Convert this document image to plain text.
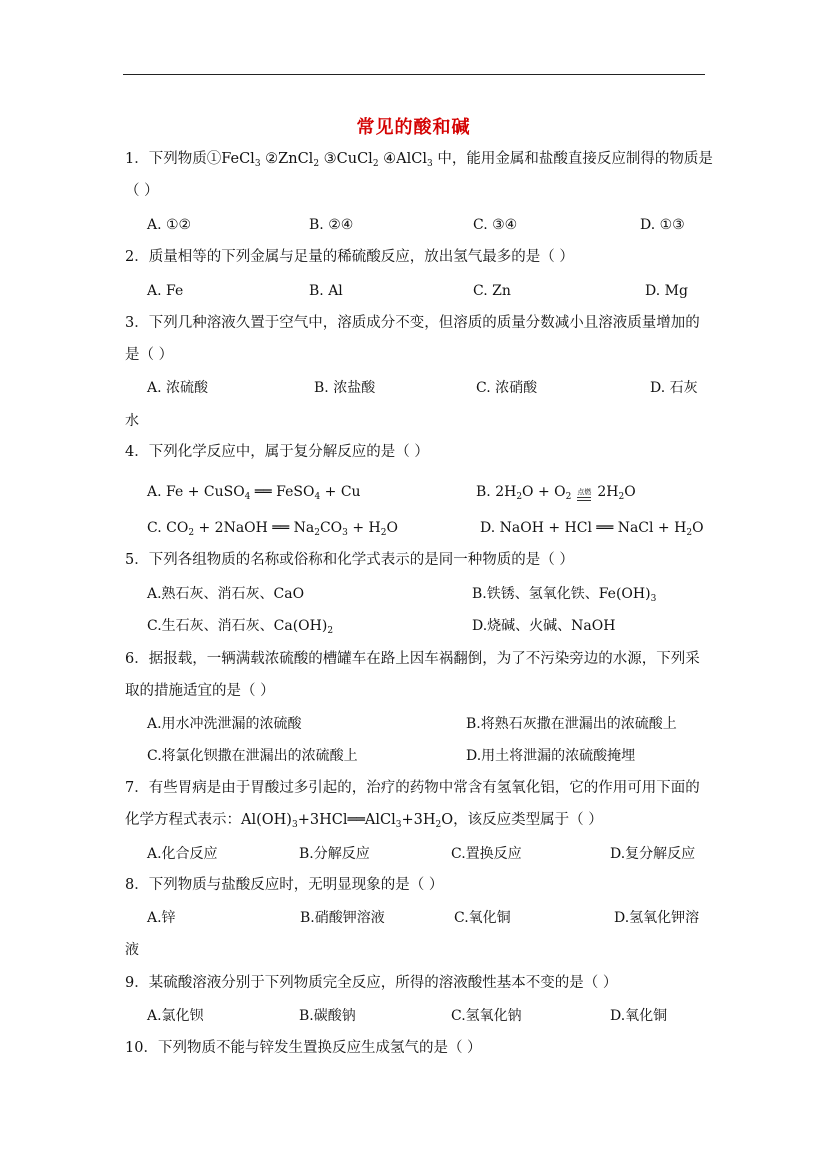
常见的酸和碱
1．下列物质①FeCl$_3$ ②ZnCl$_2$ ③CuCl$_2$ ④AlCl$_3$ 中，能用金属和盐酸直接反应制得的物质是
（ ）
A. ①②	B. ②④	C. ③④	D. ①③
2．质量相等的下列金属与足量的稀硫酸反应，放出氢气最多的是（ ）
A. Fe	B. Al	C. Zn	D. Mg
3．下列几种溶液久置于空气中，溶质成分不变，但溶质的质量分数减小且溶液质量增加的
是（ ）
A. 浓硫酸	B. 浓盐酸	C. 浓硝酸	D. 石灰
水
4．下列化学反应中，属于复分解反应的是（ ）
A. Fe + CuSO$_4$ ══ FeSO$_4$ + Cu	B. $2H_2O + O_2$ 点燃 $2H_2O$
C. $CO_2$ + 2NaOH ══ $Na_2CO_3 + H_2O$	D. NaOH + HCl ══ NaCl + $H_2O$
5．下列各组物质的名称或俗称和化学式表示的是同一种物质的是（ ）
A.熟石灰、消石灰、CaO	B.铁锈、氢氧化铁、$Fe(OH)_3$
C.生石灰、消石灰、$Ca(OH)_2$	D.烧碱、火碱、NaOH
6．据报载，一辆满载浓硫酸的槽罐车在路上因车祸翻倒，为了不污染旁边的水源，下列采
取的措施适宜的是（ ）
A.用水冲洗泄漏的浓硫酸	B.将熟石灰撒在泄漏出的浓硫酸上
C.将氯化钡撒在泄漏出的浓硫酸上	D.用土将泄漏的浓硫酸掩埋
7．有些胃病是由于胃酸过多引起的，治疗的药物中常含有氢氧化铝，它的作用可用下面的
化学方程式表示：$Al(OH)_3+3HCl══AlCl_3+3H_2O$，该反应类型属于（ ）
A.化合反应	B.分解反应	C.置换反应	D.复分解反应
8．下列物质与盐酸反应时，无明显现象的是（ ）
A.锌	B.硝酸钾溶液	C.氧化铜	D.氢氧化钾溶
液
9．某硫酸溶液分别于下列物质完全反应，所得的溶液酸性基本不变的是（ ）
A.氯化钡	B.碳酸钠	C.氢氧化钠	D.氧化铜
10．下列物质不能与锌发生置换反应生成氢气的是（ ）
